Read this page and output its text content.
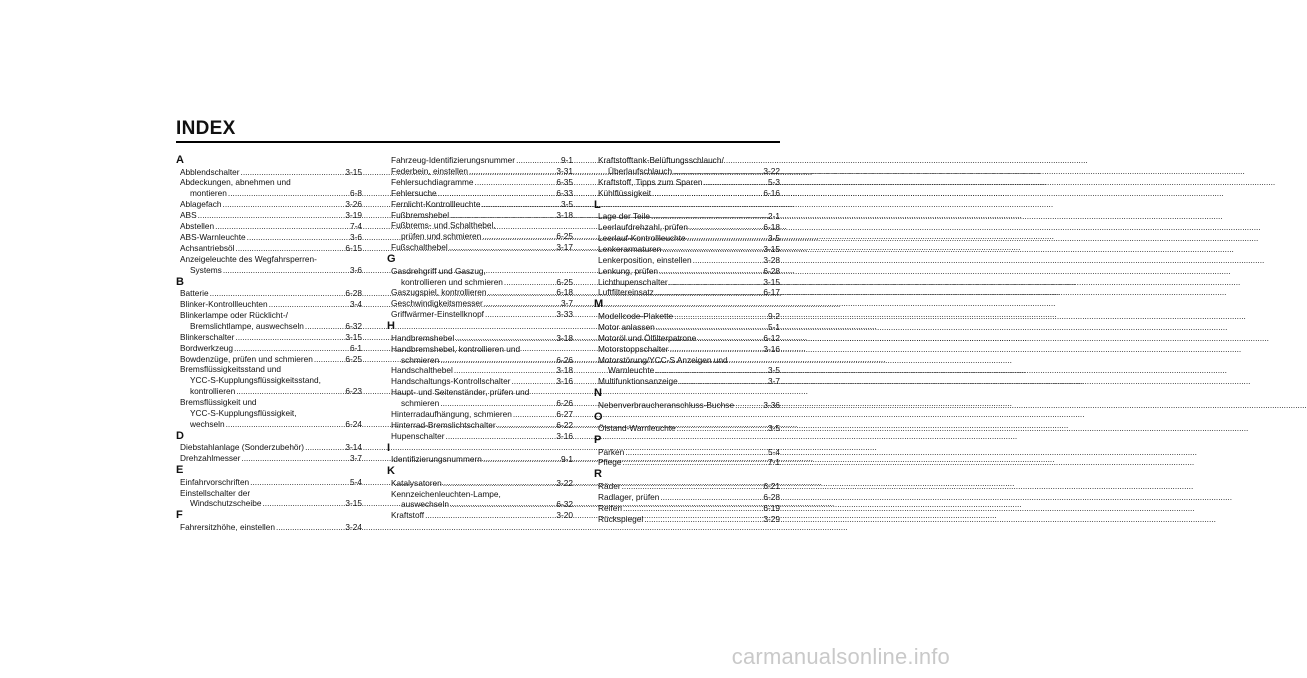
INDEX
A
Abblendschalter .....	3-15
Abdeckungen, abnehmen und
montieren .....	6-8
Ablagefach .....	3-26
ABS .....	3-19
Abstellen .....	7-4
ABS-Warnleuchte .....	3-6
Achsantriebsöl .....	6-15
Anzeigeleuchte des Wegfahrsperren-
Systems .....	3-6
B
Batterie .....	6-28
Blinker-Kontrollleuchten .....	3-4
Blinkerlampe oder Rücklicht-/
Bremslichtlampe, auswechseln .....	6-32
Blinkerschalter .....	3-15
Bordwerkzeug .....	6-1
Bowdenzüge, prüfen und schmieren .....	6-25
Bremsflüssigkeitsstand und
YCC-S-Kupplungsflüssigkeitsstand,
kontrollieren .....	6-23
Bremsflüssigkeit und
YCC-S-Kupplungsflüssigkeit,
wechseln .....	6-24
D
Diebstahlanlage (Sonderzubehör) .....	3-14
Drehzahlmesser .....	3-7
E
Einfahrvorschriften .....	5-4
Einstellschalter der
Windschutzscheibe .....	3-15
F
Fahrersitzhöhe, einstellen .....	3-24
Fahrzeug-Identifizierungsnummer .....	9-1
Federbein, einstellen .....	3-31
Fehlersuchdiagramme .....	6-35
Fehlersuche .....	6-33
Fernlicht-Kontrollleuchte .....	3-5
Fußbremshebel .....	3-18
Fußbrems- und Schalthebel,
prüfen und schmieren .....	6-25
Fußschalthebel .....	3-17
G
Gasdrehgriff und Gaszug,
kontrollieren und schmieren .....	6-25
Gaszugspiel, kontrollieren .....	6-18
Geschwindigkeitsmesser .....	3-7
Griffwärmer-Einstellknopf .....	3-33
H
Handbremshebel .....	3-18
Handbremshebel, kontrollieren und
schmieren .....	6-26
Handschalthebel .....	3-18
Handschaltungs-Kontrollschalter .....	3-16
Haupt- und Seitenständer, prüfen und
schmieren .....	6-26
Hinterradaufhängung, schmieren .....	6-27
Hinterrad-Bremslichtschalter .....	6-22
Hupenschalter .....	3-16
I
Identifizierungsnummern .....	9-1
K
Katalysatoren .....	3-22
Kennzeichenleuchten-Lampe,
auswechseln .....	6-32
Kraftstoff .....	3-20
Kraftstofftank-Belüftungsschlauch/
Überlaufschlauch .....	3-22
Kraftstoff, Tipps zum Sparen .....	5-3
Kühlflüssigkeit .....	6-16
L
Lage der Teile .....	2-1
Leerlaufdrehzahl, prüfen .....	6-18
Leerlauf-Kontrollleuchte .....	3-5
Lenkerarmaturen .....	3-15
Lenkerposition, einstellen .....	3-28
Lenkung, prüfen .....	6-28
Lichthupenschalter .....	3-15
Luftfiltereinsatz .....	6-17
M
Modellcode-Plakette .....	9-2
Motor anlassen .....	5-1
Motoröl und Ölfilterpatrone .....	6-12
Motorstoppschalter .....	3-16
Motorstörung/YCC-S Anzeigen und
Warnleuchte .....	3-5
Multifunktionsanzeige .....	3-7
N
Nebenverbraucheranschluss-Buchse .....	3-36
O
Ölstand-Warnleuchte .....	3-5
P
Parken .....	5-4
Pflege .....	7-1
R
Räder .....	6-21
Radlager, prüfen .....	6-28
Reifen .....	6-19
Rückspiegel .....	3-29
carmanualsonline.info
